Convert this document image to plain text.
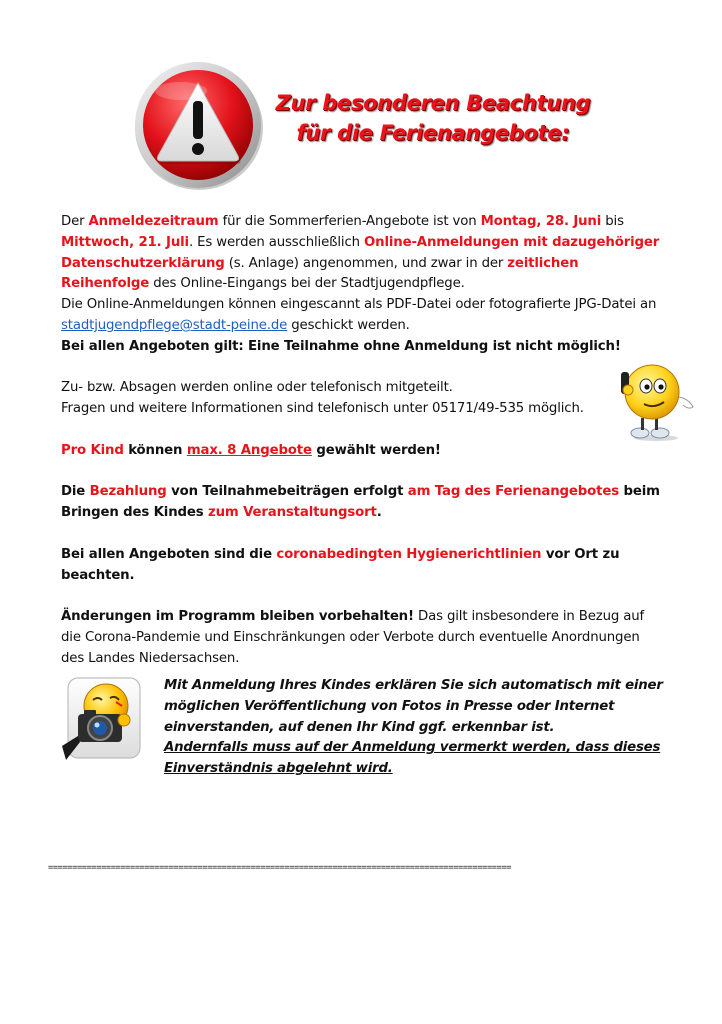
Zur besonderen Beachtung
für die Ferienangebote:

Der Anmeldezeitraum für die Sommerferien-Angebote ist von Montag, 28. Juni bis Mittwoch, 21. Juli. Es werden ausschließlich Online-Anmeldungen mit dazugehöriger Datenschutzerklärung (s. Anlage) angenommen, und zwar in der zeitlichen Reihenfolge des Online-Eingangs bei der Stadtjugendpflege.

Die Online-Anmeldungen können eingescannt als PDF-Datei oder fotografierte JPG-Datei an stadtjugendpflege@stadt-peine.de geschickt werden.

Bei allen Angeboten gilt: Eine Teilnahme ohne Anmeldung ist nicht möglich!

Zu- bzw. Absagen werden online oder telefonisch mitgeteilt.

Fragen und weitere Informationen sind telefonisch unter 05171/49-535 möglich.

Pro Kind können max. 8 Angebote gewählt werden!

Die Bezahlung von Teilnahmebeiträgen erfolgt am Tag des Ferienangebotes beim Bringen des Kindes zum Veranstaltungsort.

Bei allen Angeboten sind die coronabedingten Hygienerichtlinien vor Ort zu beachten.

Änderungen im Programm bleiben vorbehalten! Das gilt insbesondere in Bezug auf die Corona-Pandemie und Einschränkungen oder Verbote durch eventuelle Anordnungen des Landes Niedersachsen.

Mit Anmeldung Ihres Kindes erklären Sie sich automatisch mit einer möglichen Veröffentlichung von Fotos in Presse oder Internet einverstanden, auf denen Ihr Kind ggf. erkennbar ist.

Andernfalls muss auf der Anmeldung vermerkt werden, dass dieses Einverständnis abgelehnt wird.

================================================================================================
